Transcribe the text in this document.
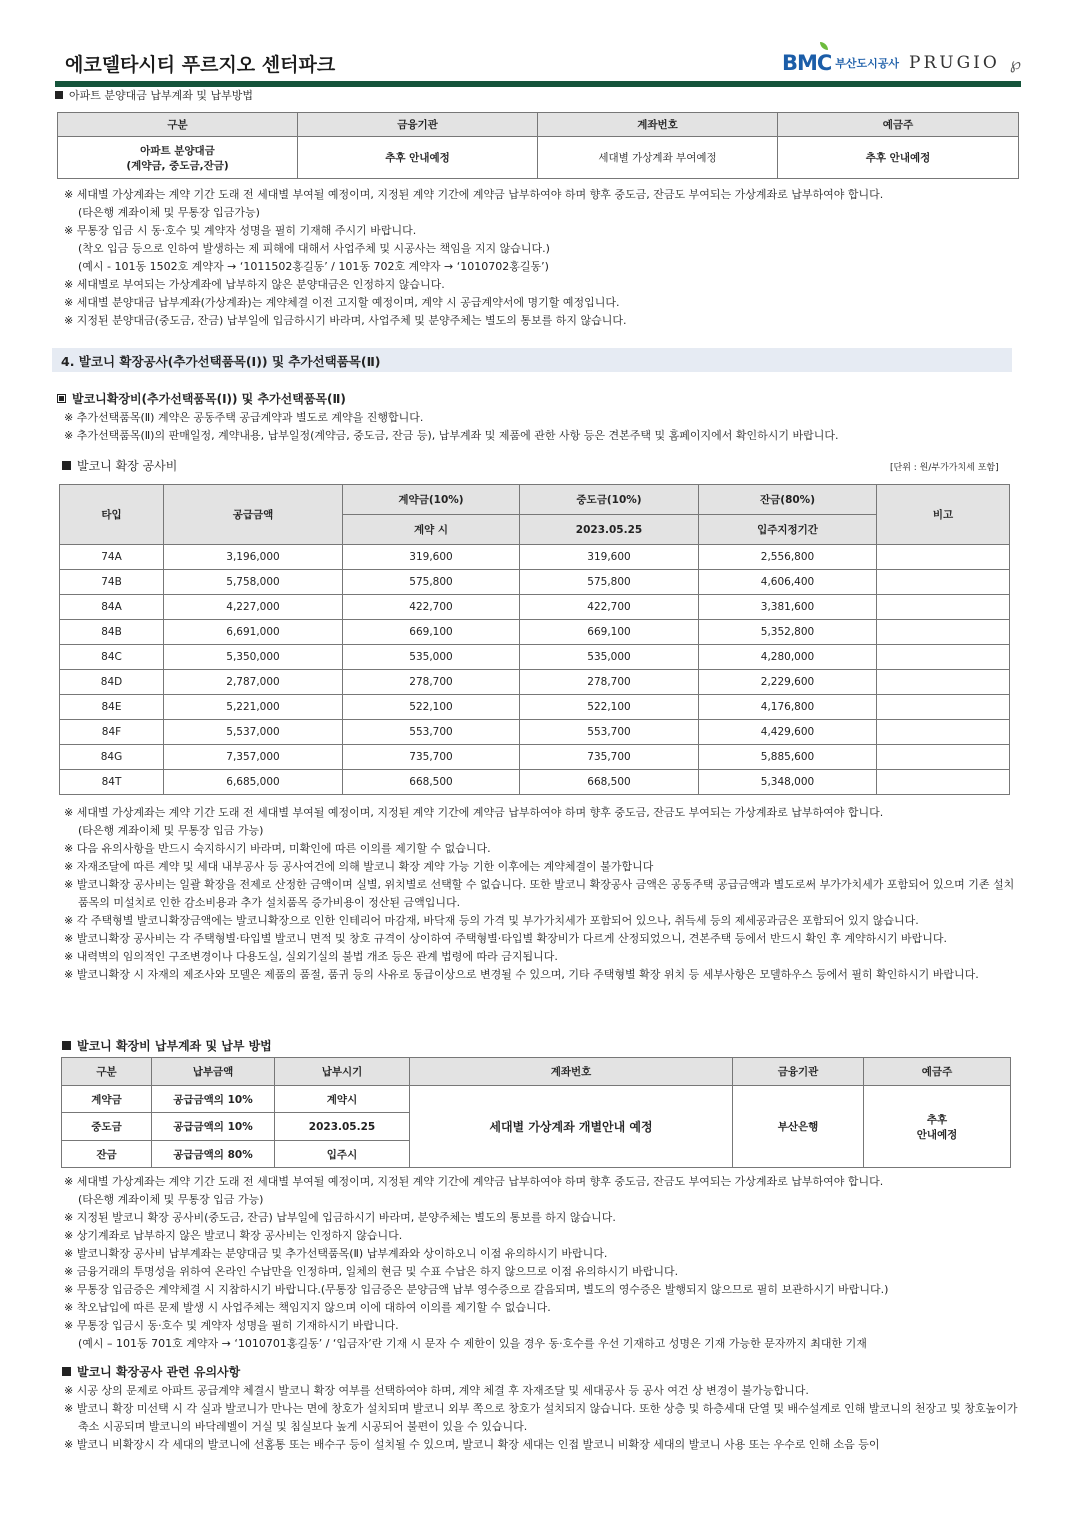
에코델타시티 푸르지오 센터파크	BMC 부산도시공사 PRUGIO ℘
아파트 분양대금 납부계좌 및 납부방법
구분	금융기관	계좌번호	예금주

아파트 분양대금
(계약금, 중도금,잔금)	추후 안내예정	세대별 가상계좌 부여예정	추후 안내예정

※ 세대별 가상계좌는 계약 기간 도래 전 세대별 부여될 예정이며, 지정된 계약 기간에 계약금 납부하여야 하며 향후 중도금, 잔금도 부여되는 가상계좌로 납부하여야 합니다.

(타은행 계좌이체 및 무통장 입금가능)

※ 무통장 입금 시 동·호수 및 계약자 성명을 필히 기재해 주시기 바랍니다.

(착오 입금 등으로 인하여 발생하는 제 피해에 대해서 사업주체 및 시공사는 책임을 지지 않습니다.)

(예시 - 101동 1502호 계약자 → ‘1011502홍길동’ / 101동 702호 계약자 → ‘1010702홍길동’)

※ 세대별로 부여되는 가상계좌에 납부하지 않은 분양대금은 인정하지 않습니다.

※ 세대별 분양대금 납부계좌(가상계좌)는 계약체결 이전 고지할 예정이며, 계약 시 공급계약서에 명기할 예정입니다.

※ 지정된 분양대금(중도금, 잔금) 납부일에 입금하시기 바라며, 사업주체 및 분양주체는 별도의 통보를 하지 않습니다.

4. 발코니 확장공사(추가선택품목(Ⅰ)) 및 추가선택품목(Ⅱ)
발코니확장비(추가선택품목(Ⅰ)) 및 추가선택품목(Ⅱ)

※ 추가선택품목(Ⅱ) 계약은 공동주택 공급계약과 별도로 계약을 진행합니다.

※ 추가선택품목(Ⅱ)의 판매일정, 계약내용, 납부일정(계약금, 중도금, 잔금 등), 납부계좌 및 제품에 관한 사항 등은 견본주택 및 홈페이지에서 확인하시기 바랍니다.

발코니 확장 공사비	[단위 : 원/부가가치세 포함]
타입	공급금액	계약금(10%)	중도금(10%)	잔금(80%)	비고
		계약 시	2023.05.25	입주지정기간	
74A	3,196,000	319,600	319,600	2,556,800	
74B	5,758,000	575,800	575,800	4,606,400	
84A	4,227,000	422,700	422,700	3,381,600	
84B	6,691,000	669,100	669,100	5,352,800	
84C	5,350,000	535,000	535,000	4,280,000	
84D	2,787,000	278,700	278,700	2,229,600	
84E	5,221,000	522,100	522,100	4,176,800	
84F	5,537,000	553,700	553,700	4,429,600	
84G	7,357,000	735,700	735,700	5,885,600	
84T	6,685,000	668,500	668,500	5,348,000	

※ 세대별 가상계좌는 계약 기간 도래 전 세대별 부여될 예정이며, 지정된 계약 기간에 계약금 납부하여야 하며 향후 중도금, 잔금도 부여되는 가상계좌로 납부하여야 합니다.

(타은행 계좌이체 및 무통장 입금 가능)

※ 다음 유의사항을 반드시 숙지하시기 바라며, 미확인에 따른 이의를 제기할 수 없습니다.

※ 자재조달에 따른 계약 및 세대 내부공사 등 공사여건에 의해 발코니 확장 계약 가능 기한 이후에는 계약체결이 불가합니다

※ 발코니확장 공사비는 일괄 확장을 전제로 산정한 금액이며 실별, 위치별로 선택할 수 없습니다. 또한 발코니 확장공사 금액은 공동주택 공급금액과 별도로써 부가가치세가 포함되어 있으며 기존 설치품목의 미설치로 인한 감소비용과 추가 설치품목 증가비용이 정산된 금액입니다.

※ 각 주택형별 발코니확장금액에는 발코니확장으로 인한 인테리어 마감재, 바닥재 등의 가격 및 부가가치세가 포함되어 있으나, 취득세 등의 제세공과금은 포함되어 있지 않습니다.

※ 발코니확장 공사비는 각 주택형별·타입별 발코니 면적 및 창호 규격이 상이하여 주택형별·타입별 확장비가 다르게 산정되었으니, 견본주택 등에서 반드시 확인 후 계약하시기 바랍니다.

※ 내력벽의 임의적인 구조변경이나 다용도실, 실외기실의 불법 개조 등은 관계 법령에 따라 금지됩니다.

※ 발코니확장 시 자재의 제조사와 모델은 제품의 품절, 품귀 등의 사유로 동급이상으로 변경될 수 있으며, 기타 주택형별 확장 위치 등 세부사항은 모델하우스 등에서 필히 확인하시기 바랍니다.

발코니 확장비 납부계좌 및 납부 방법
구분	납부금액	납부시기	계좌번호	금융기관	예금주
계약금	공급금액의 10%	계약시	세대별 가상계좌 개별안내 예정	부산은행	추후
안내예정

중도금	공급금액의 10%	2023.05.25			
잔금	공급금액의 80%	입주시			

※ 세대별 가상계좌는 계약 기간 도래 전 세대별 부여될 예정이며, 지정된 계약 기간에 계약금 납부하여야 하며 향후 중도금, 잔금도 부여되는 가상계좌로 납부하여야 합니다.

(타은행 계좌이체 및 무통장 입금 가능)

※ 지정된 발코니 확장 공사비(중도금, 잔금) 납부일에 입금하시기 바라며, 분양주체는 별도의 통보를 하지 않습니다.

※ 상기계좌로 납부하지 않은 발코니 확장 공사비는 인정하지 않습니다.

※ 발코니확장 공사비 납부계좌는 분양대금 및 추가선택품목(Ⅱ) 납부계좌와 상이하오니 이점 유의하시기 바랍니다.

※ 금융거래의 투명성을 위하여 온라인 수납만을 인정하며, 일체의 현금 및 수표 수납은 하지 않으므로 이점 유의하시기 바랍니다.

※ 무통장 입금증은 계약체결 시 지참하시기 바랍니다.(무통장 입금증은 분양금액 납부 영수증으로 갈음되며, 별도의 영수증은 발행되지 않으므로 필히 보관하시기 바랍니다.)

※ 착오납입에 따른 문제 발생 시 사업주체는 책임지지 않으며 이에 대하여 이의를 제기할 수 없습니다.

※ 무통장 입금시 동·호수 및 계약자 성명을 필히 기재하시기 바랍니다.

(예시 – 101동 701호 계약자 → ‘1010701홍길동’ / ‘입금자’란 기재 시 문자 수 제한이 있을 경우 동·호수를 우선 기재하고 성명은 기재 가능한 문자까지 최대한 기재

발코니 확장공사 관련 유의사항

※ 시공 상의 문제로 아파트 공급계약 체결시 발코니 확장 여부를 선택하여야 하며, 계약 체결 후 자재조달 및 세대공사 등 공사 여건 상 변경이 불가능합니다.

※ 발코니 확장 미선택 시 각 실과 발코니가 만나는 면에 창호가 설치되며 발코니 외부 쪽으로 창호가 설치되지 않습니다. 또한 상층 및 하층세대 단열 및 배수설계로 인해 발코니의 천장고 및 창호높이가 축소 시공되며 발코니의 바닥레벨이 거실 및 침실보다 높게 시공되어 불편이 있을 수 있습니다.

※ 발코니 비확장시 각 세대의 발코니에 선홈통 또는 배수구 등이 설치될 수 있으며, 발코니 확장 세대는 인접 발코니 비확장 세대의 발코니 사용 또는 우수로 인해 소음 등이
